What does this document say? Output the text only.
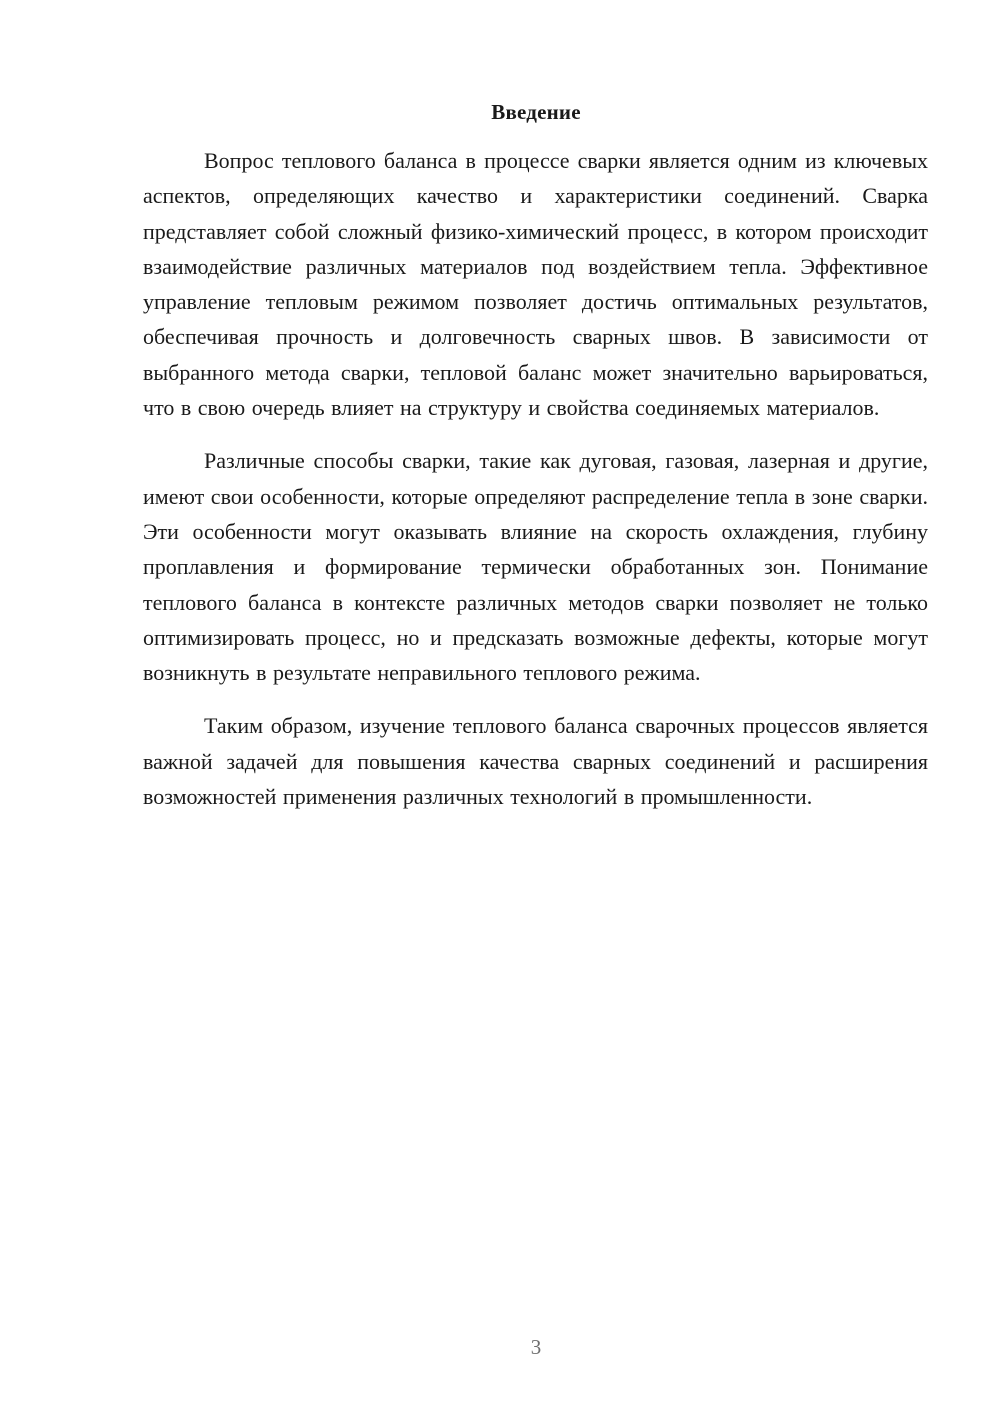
Введение

Вопрос теплового баланса в процессе сварки является одним из ключевых аспектов, определяющих качество и характеристики соединений. Сварка представляет собой сложный физико-химический процесс, в котором происходит взаимодействие различных материалов под воздействием тепла. Эффективное управление тепловым режимом позволяет достичь оптимальных результатов, обеспечивая прочность и долговечность сварных швов. В зависимости от выбранного метода сварки, тепловой баланс может значительно варьироваться, что в свою очередь влияет на структуру и свойства соединяемых материалов.

Различные способы сварки, такие как дуговая, газовая, лазерная и другие, имеют свои особенности, которые определяют распределение тепла в зоне сварки. Эти особенности могут оказывать влияние на скорость охлаждения, глубину проплавления и формирование термически обработанных зон. Понимание теплового баланса в контексте различных методов сварки позволяет не только оптимизировать процесс, но и предсказать возможные дефекты, которые могут возникнуть в результате неправильного теплового режима.

Таким образом, изучение теплового баланса сварочных процессов является важной задачей для повышения качества сварных соединений и расширения возможностей применения различных технологий в промышленности.

3
